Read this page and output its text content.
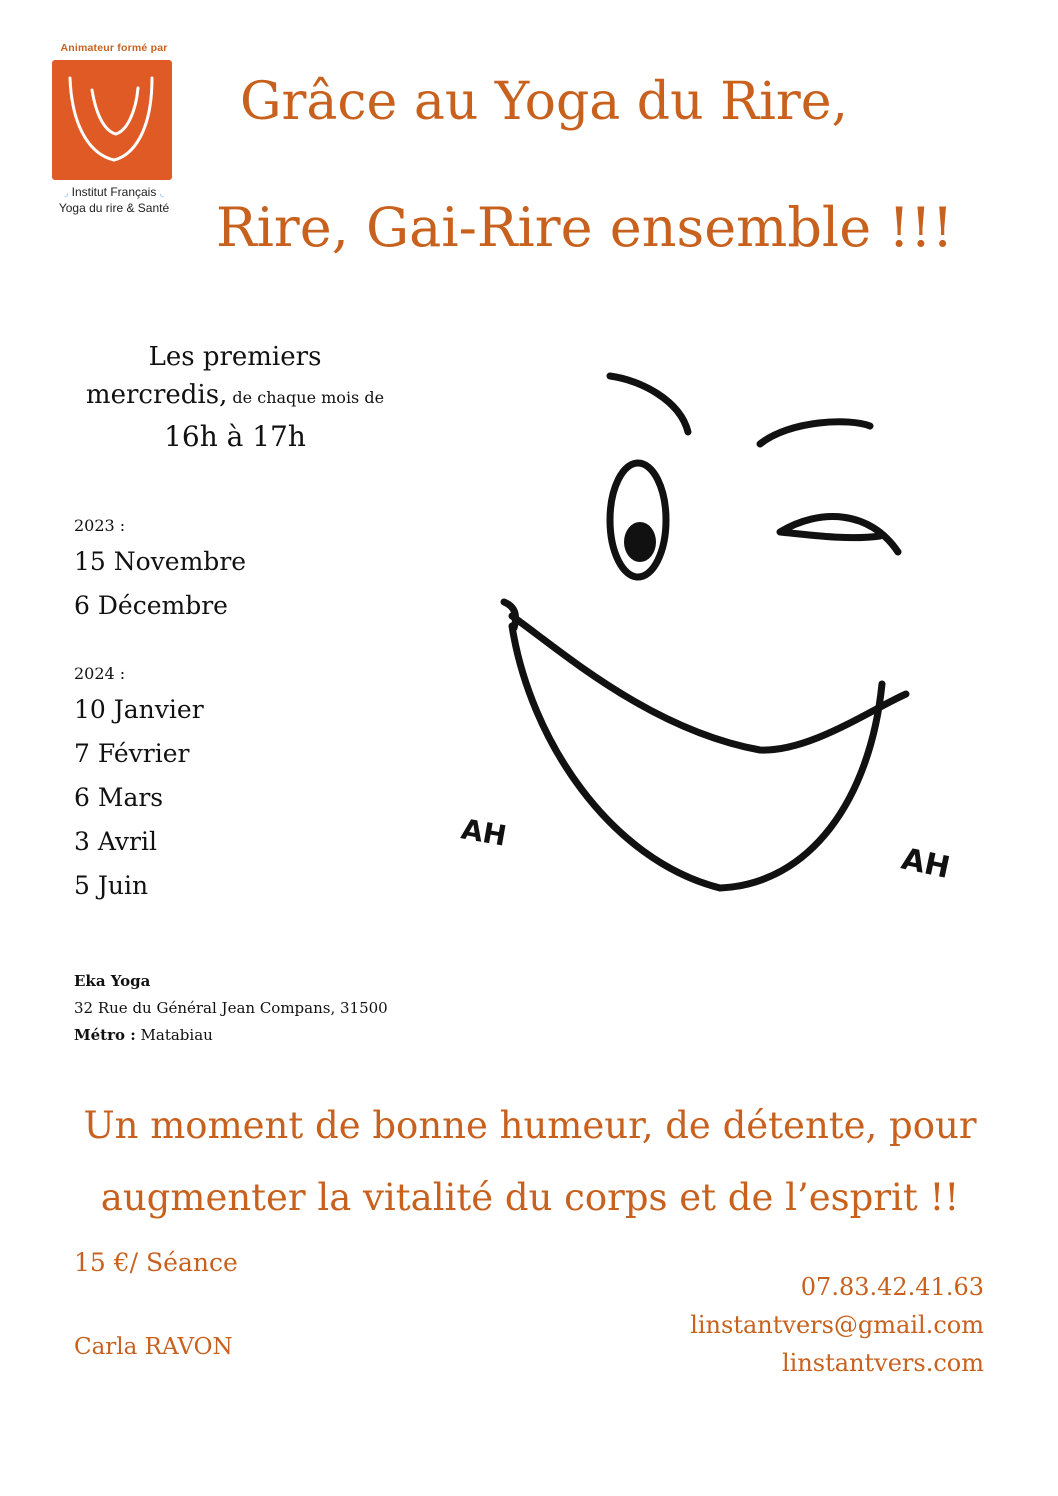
Animateur formé par
◞ Institut Français ◟
Yoga du rire & Santé
Grâce au Yoga du Rire,
Rire, Gai-Rire ensemble !!!
Les premiers
mercredis, de chaque mois de
16h à 17h
2023 :
15 Novembre
6 Décembre
2024 :
10 Janvier
7 Février
6 Mars
3 Avril
5 Juin
AH
AH
Eka Yoga
32 Rue du Général Jean Compans, 31500
Métro : Matabiau
Un moment de bonne humeur, de détente, pour
augmenter la vitalité du corps et de l’esprit !!
15 €/ Séance
Carla RAVON
07.83.42.41.63
linstantvers@gmail.com
linstantvers.com
